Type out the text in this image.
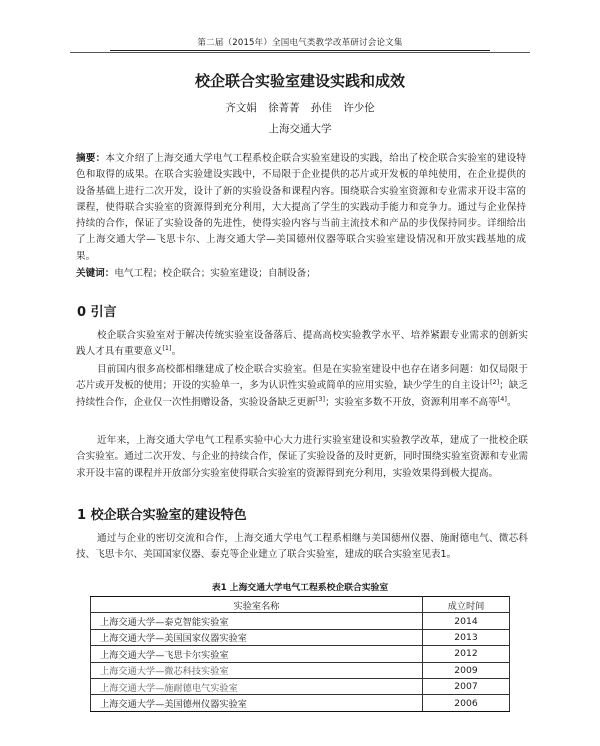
第二届（2015年）全国电气类教学改革研讨会论文集
校企联合实验室建设实践和成效
齐文娟 徐菁菁 孙佳 许少伦
上海交通大学
摘要：本文介绍了上海交通大学电气工程系校企联合实验室建设的实践，给出了校企联合实验室的建设特色和取得的成果。在联合实验建设实践中，不局限于企业提供的芯片或开发板的单纯使用，在企业提供的设备基础上进行二次开发，设计了新的实验设备和课程内容。围绕联合实验室资源和专业需求开设丰富的课程，使得联合实验室的资源得到充分利用，大大提高了学生的实践动手能力和竞争力。通过与企业保持持续的合作，保证了实验设备的先进性，使得实验内容与当前主流技术和产品的步伐保持同步。详细给出了上海交通大学—飞思卡尔、上海交通大学—美国德州仪器等联合实验室建设情况和开放实践基地的成果。
关键词：电气工程；校企联合；实验室建设；自制设备；
0 引言
校企联合实验室对于解决传统实验室设备落后、提高高校实验教学水平、培养紧跟专业需求的创新实践人才具有重要意义[1]。
目前国内很多高校都相继建成了校企联合实验室。但是在实验室建设中也存在诸多问题：如仅局限于芯片或开发板的使用；开设的实验单一，多为认识性实验或简单的应用实验，缺少学生的自主设计[2]；缺乏持续性合作，企业仅一次性捐赠设备，实验设备缺乏更新[3]；实验室多数不开放，资源利用率不高等[4]。
近年来，上海交通大学电气工程系实验中心大力进行实验室建设和实验教学改革，建成了一批校企联合实验室。通过二次开发、与企业的持续合作，保证了实验设备的及时更新，同时围绕实验室资源和专业需求开设丰富的课程并开放部分实验室使得联合实验室的资源得到充分利用，实验效果得到极大提高。
1 校企联合实验室的建设特色
通过与企业的密切交流和合作，上海交通大学电气工程系相继与美国德州仪器、施耐德电气、微芯科技、飞思卡尔、美国国家仪器、泰克等企业建立了联合实验室，建成的联合实验室见表1。
表1 上海交通大学电气工程系校企联合实验室
实验室名称	成立时间
上海交通大学—泰克智能实验室	2014
上海交通大学—美国国家仪器实验室	2013
上海交通大学—飞思卡尔实验室	2012
上海交通大学—微芯科技实验室	2009
上海交通大学—施耐德电气实验室	2007
上海交通大学—美国德州仪器实验室	2006
